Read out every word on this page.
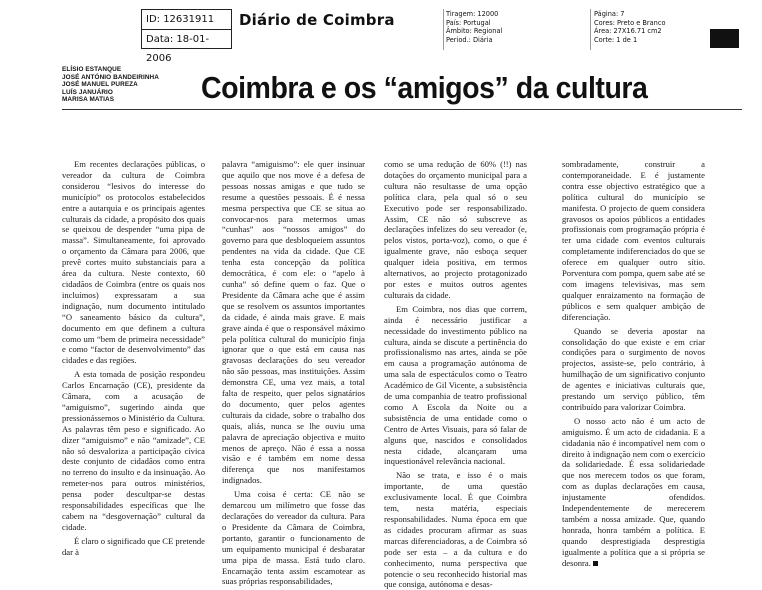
ID: 12631911
Data: 18-01-2006
Diário de Coimbra	Tiragem: 12000
País: Portugal
Âmbito: Regional
Period.: Diária
Página: 7
Cores: Preto e Branco
Área: 27X16.71 cm2
Corte: 1 de 1
ELÍSIO ESTANQUE
JOSÉ ANTÓNIO BANDEIRINHA
JOSÉ MANUEL PUREZA
LUÍS JANUÁRIO
MARISA MATIAS	Coimbra e os “amigos” da cultura

Em recentes declarações públicas, o vereador da cultura de Coimbra considerou “lesivos do interesse do município” os protocolos estabelecidos entre a autarquia e os principais agentes culturais da cidade, a propósito dos quais se queixou de despender “uma pipa de massa”. Simultaneamente, foi aprovado o orçamento da Câmara para 2006, que prevê cortes muito substanciais para a área da cultura. Neste contexto, 60 cidadãos de Coimbra (entre os quais nos incluímos) expressaram a sua indignação, num documento intitulado “O saneamento básico da cultura”, documento em que definem a cultura como um “bem de primeira necessidade” e como “factor de desenvolvimento” das cidades e das regiões.

A esta tomada de posição respondeu Carlos Encarnação (CE), presidente da Câmara, com a acusação de “amiguismo”, sugerindo ainda que pressionássemos o Ministério da Cultura. As palavras têm peso e significado. Ao dizer “amiguismo” e não “amizade”, CE não só desvaloriza a participação cívica deste conjunto de cidadãos como entra no terreno do insulto e da insinuação. Ao remeter-nos para outros ministérios, pensa poder descultpar-se destas responsabilidades específicas que lhe cabem na “desgovernação” cultural da cidade.

É claro o significado que CE pretende dar à

palavra “amiguismo”: ele quer insinuar que aquilo que nos move é a defesa de pessoas nossas amigas e que tudo se resume a questões pessoais. É é nessa mesma perspectiva que CE se situa ao convocar-nos para metermos umas “cunhas” aos “nossos amigos” do governo para que desbloqueiem assuntos pendentes na vida da cidade. Que CE tenha esta concepção da política democrática, é com ele: o “apelo à cunha” só define quem o faz. Que o Presidente da Câmara ache que é assim que se resolvem os assuntos importantes da cidade, é ainda mais grave. E mais grave ainda é que o responsável máximo pela política cultural do município finja ignorar que o que está em causa nas gravosas declarações do seu vereador não são pessoas, mas instituições. Assim demonstra CE, uma vez mais, a total falta de respeito, quer pelos signatários do documento, quer pelos agentes culturais da cidade, sobre o trabalho dos quais, aliás, nunca se lhe ouviu uma palavra de apreciação objectiva e muito menos de apreço. Não é essa a nossa visão e é também em nome dessa diferença que nos manifestamos indignados.

Uma coisa é certa: CE não se demarcou um milímetro que fosse das declarações do vereador da cultura. Para o Presidente da Câmara de Coimbra, portanto, garantir o funcionamento de um equipamento municipal é desbaratar uma pipa de massa. Está tudo claro. Encarnação tenta assim escamotear as suas próprias responsabilidades,

como se uma redução de 60% (!!) nas dotações do orçamento municipal para a cultura não resultasse de uma opção política clara, pela qual só o seu Executivo pode ser responsabilizado. Assim, CE não só subscreve as declarações infelizes do seu vereador (e, pelos vistos, porta-voz), como, o que é igualmente grave, não esboça sequer qualquer ideia positiva, em termos alternativos, ao projecto protagonizado por estes e muitos outros agentes culturais da cidade.

Em Coimbra, nos dias que correm, ainda é necessário justificar a necessidade do investimento público na cultura, ainda se discute a pertinência do profissionalismo nas artes, ainda se põe em causa a programação autónoma de uma sala de espectáculos como o Teatro Académico de Gil Vicente, a subsistência de uma companhia de teatro profissional como A Escola da Noite ou a subsistência de uma entidade como o Centro de Artes Visuais, para só falar de alguns que, nascidos e consolidados nesta cidade, alcançaram uma inquestionável relevância nacional.

Não se trata, e isso é o mais importante, de uma questão exclusivamente local. É que Coimbra tem, nesta matéria, especiais responsabilidades. Numa época em que as cidades procuram afirmar as suas marcas diferenciadoras, a de Coimbra só pode ser esta – a da cultura e do conhecimento, numa perspectiva que potencie o seu reconhecido historial mas que consiga, autónoma e desas-

sombradamente, construir a contemporaneidade. E é justamente contra esse objectivo estratégico que a política cultural do município se manifesta. O projecto de quem considera gravosos os apoios públicos a entidades profissionais com programação própria é ter uma cidade com eventos culturais completamente indiferenciados do que se oferece em qualquer outro sítio. Porventura com pompa, quem sabe até se com imagens televisivas, mas sem qualquer enraizamento na formação de públicos e sem qualquer ambição de diferenciação.

Quando se deveria apostar na consolidação do que existe e em criar condições para o surgimento de novos projectos, assiste-se, pelo contrário, à humilhação de um significativo conjunto de agentes e iniciativas culturais que, prestando um serviço público, têm contribuído para valorizar Coimbra.

O nosso acto não é um acto de amiguismo. É um acto de cidadania. E a cidadania não é incompatível nem com o direito à indignação nem com o exercício da solidariedade. É essa solidariedade que nos merecem todos os que foram, com as duplas declarações em causa, injustamente ofendidos. Independentemente de merecerem também a nossa amizade. Que, quando honrada, honra também a política. E quando desprestigiada desprestigia igualmente a política que a si própria se desonra.
